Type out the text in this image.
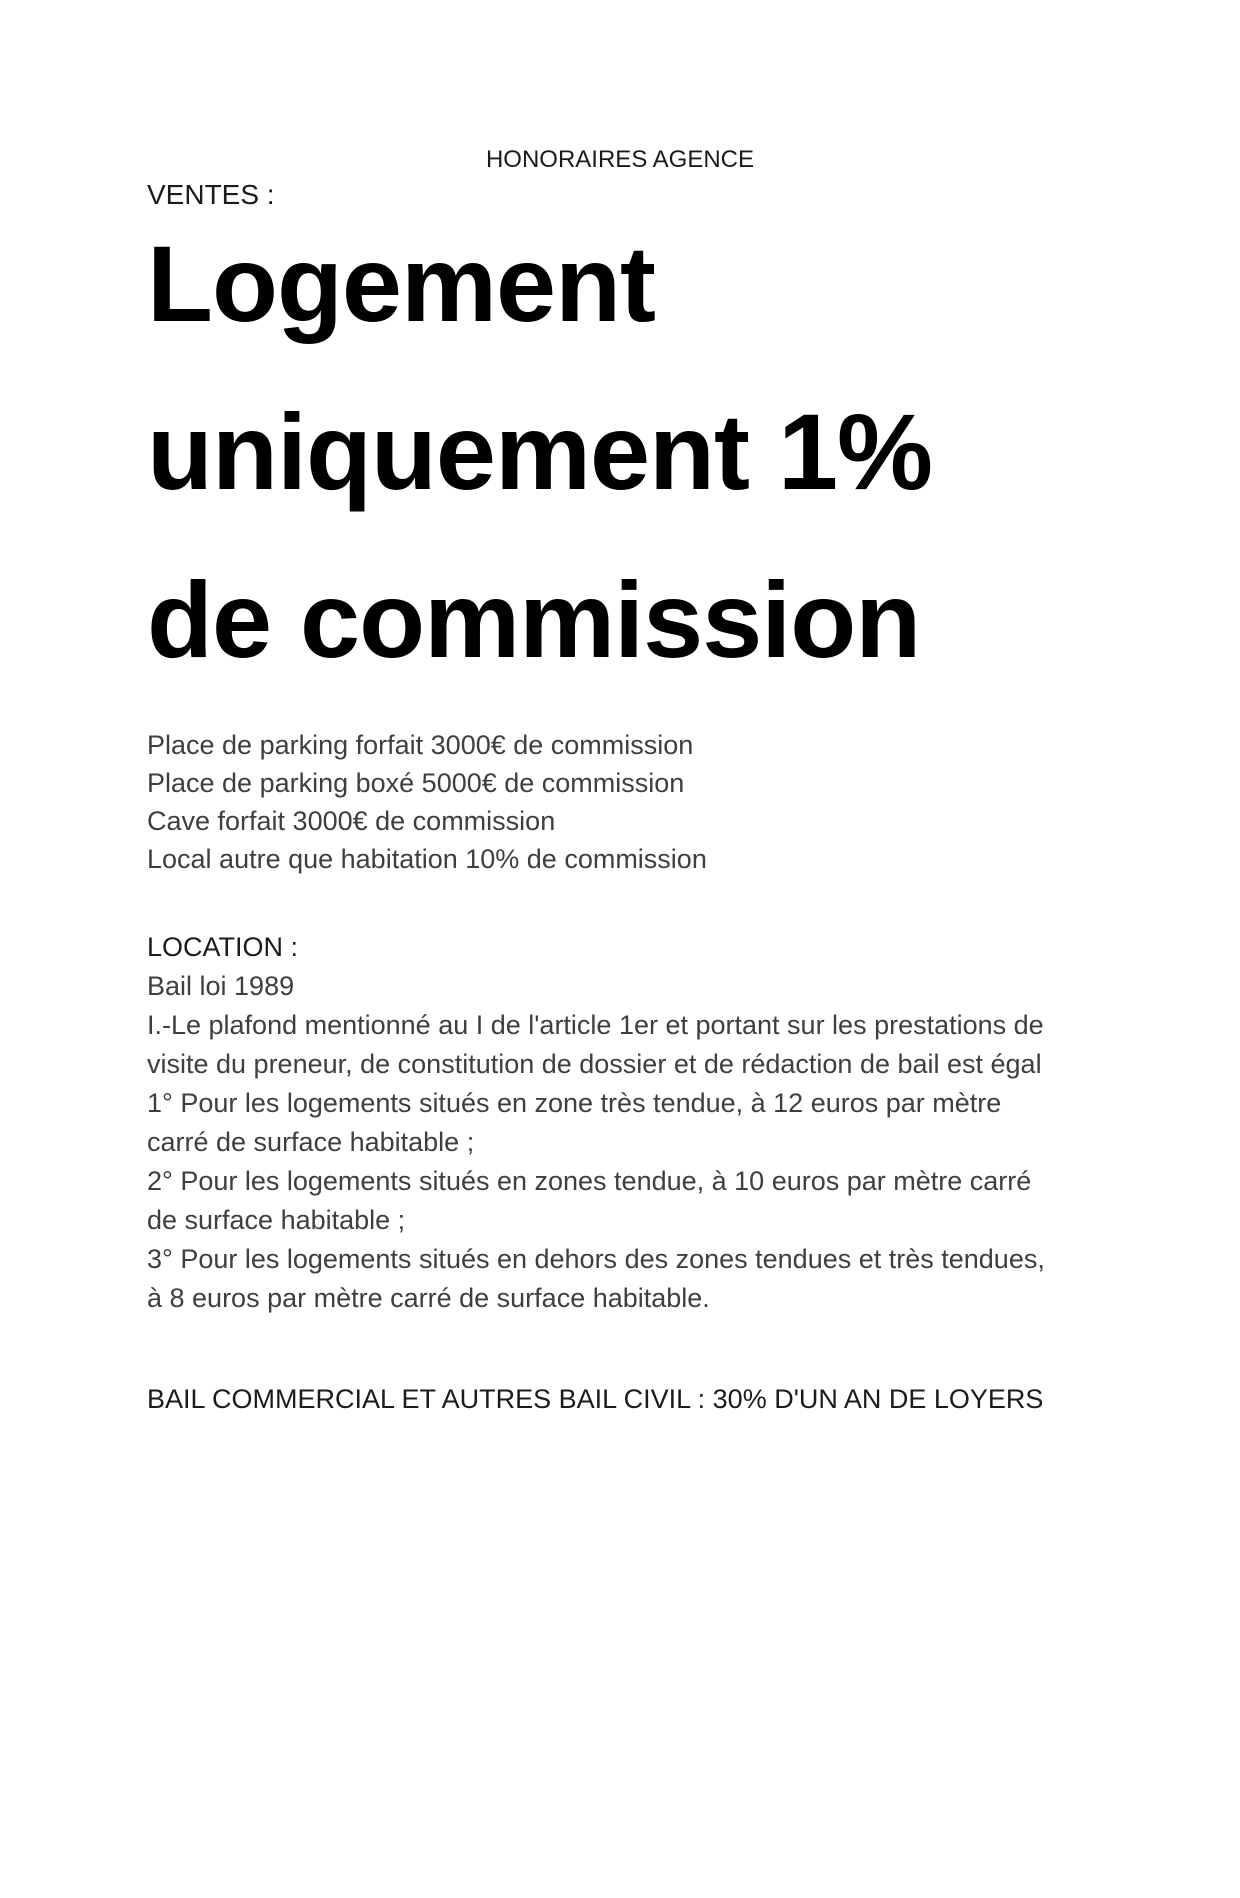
HONORAIRES AGENCE
VENTES :
Logement
uniquement 1%
de commission

Place de parking forfait 3000€ de commission
Place de parking boxé 5000€ de commission
Cave forfait 3000€ de commission
Local autre que habitation 10% de commission

LOCATION :
Bail loi 1989
I.-Le plafond mentionné au I de l'article 1er et portant sur les prestations de
visite du preneur, de constitution de dossier et de rédaction de bail est égal
1° Pour les logements situés en zone très tendue, à 12 euros par mètre
carré de surface habitable ;
2° Pour les logements situés en zones tendue, à 10 euros par mètre carré
de surface habitable ;
3° Pour les logements situés en dehors des zones tendues et très tendues,
à 8 euros par mètre carré de surface habitable.

BAIL COMMERCIAL ET AUTRES BAIL CIVIL : 30% D'UN AN DE LOYERS
